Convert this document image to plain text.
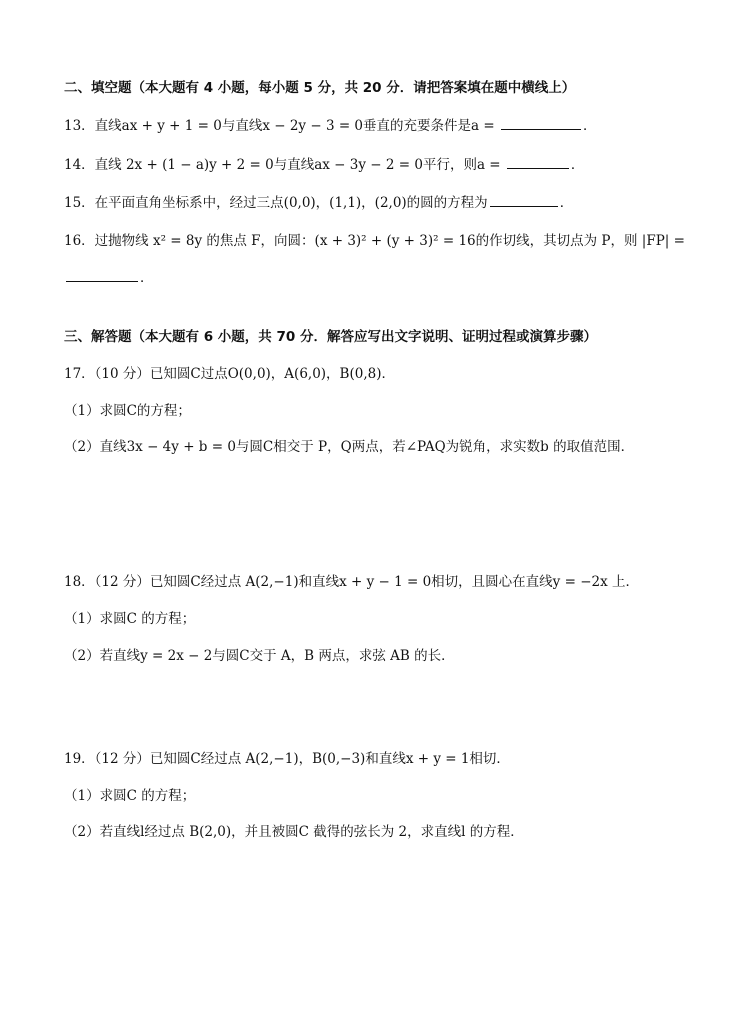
二、填空题（本大题有 4 小题，每小题 5 分，共 20 分．请把答案填在题中横线上）
13．直线ax + y + 1 = 0与直线x − 2y − 3 = 0垂直的充要条件是a =	．
14．直线 2x + (1 − a)y + 2 = 0与直线ax − 3y − 2 = 0平行，则a =	．
15．在平面直角坐标系中，经过三点(0,0)，(1,1)，(2,0)的圆的方程为	．
16．过抛物线 x² = 8y 的焦点 F，向圆：(x + 3)² + (y + 3)² = 16的作切线，其切点为 P，则 |FP| =
．
三、解答题（本大题有 6 小题，共 70 分．解答应写出文字说明、证明过程或演算步骤）
17．（10 分）已知圆C过点O(0,0)，A(6,0)，B(0,8)．
（1）求圆C的方程；
（2）直线3x − 4y + b = 0与圆C相交于 P，Q两点，若∠PAQ为锐角，求实数b 的取值范围．
18．（12 分）已知圆C经过点 A(2,−1)和直线x + y − 1 = 0相切，且圆心在直线y = −2x 上．
（1）求圆C 的方程；
（2）若直线y = 2x − 2与圆C交于 A，B 两点，求弦 AB 的长．
19．（12 分）已知圆C经过点 A(2,−1)，B(0,−3)和直线x + y = 1相切．
（1）求圆C 的方程；
（2）若直线l经过点 B(2,0)，并且被圆C 截得的弦长为 2，求直线l 的方程．
